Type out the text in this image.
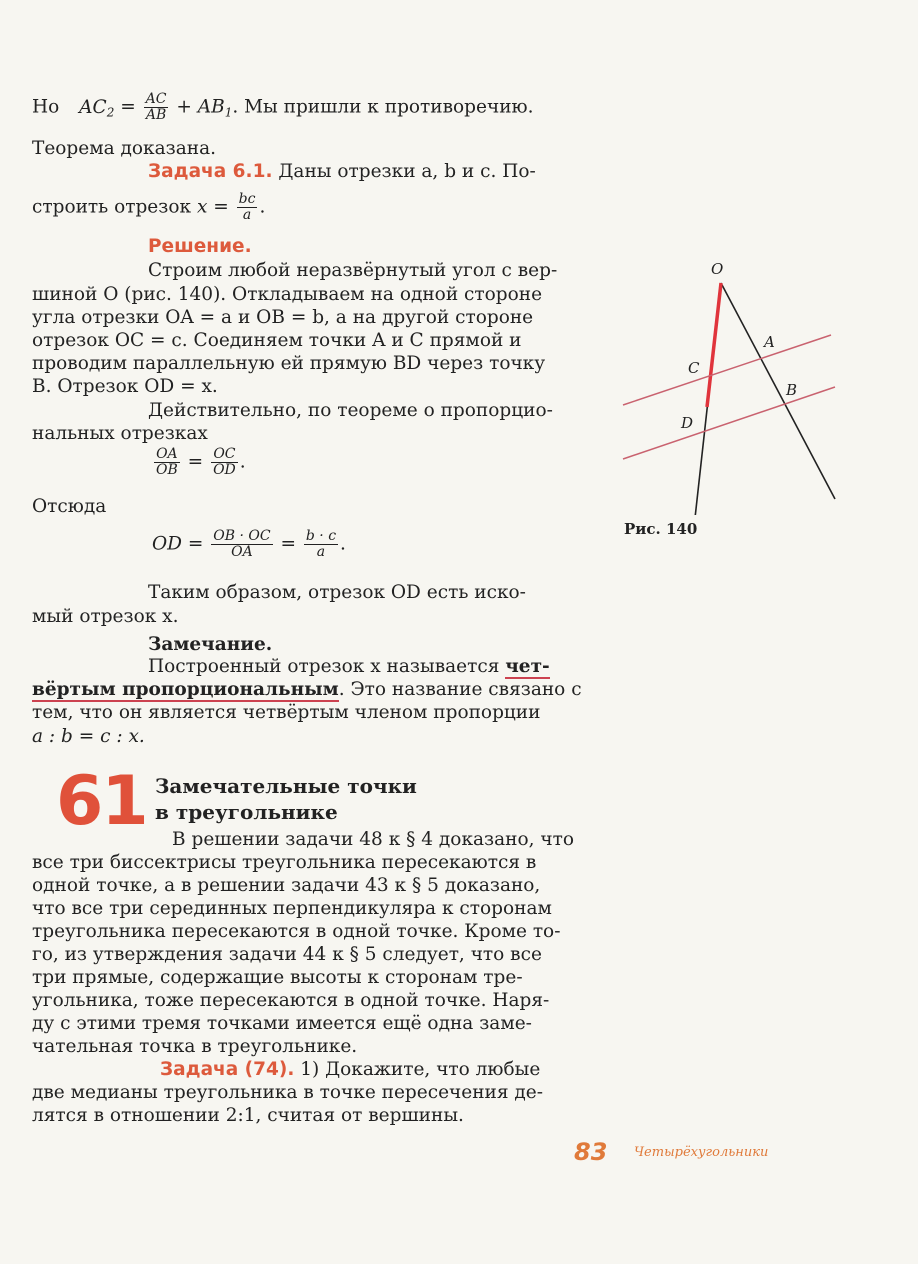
Но $AC_2 = \frac{AC}{AB} + AB_1$. Мы пришли к противоречию.
Теорема доказана.
Задача 6.1. Даны отрезки a, b и c. По-
строить отрезок $x = \frac{bc}{a}$ .
Решение.
Строим любой неразвёрнутый угол с вер-
шиной O (рис. 140). Откладываем на одной стороне
угла отрезки OA = a и OB = b, а на другой стороне
отрезок OC = c. Соединяем точки A и C прямой и
проводим параллельную ей прямую BD через точку
B. Отрезок OD = x.
Действительно, по теореме о пропорцио-
нальных отрезках
$\frac{OA}{OB} = \frac{OC}{OD}$ .
Отсюда
OD = $\frac{OB \cdot OC}{OA} = \frac{b \cdot c}{a}$ .
Таким образом, отрезок OD есть иско-
мый отрезок x.
Замечание.
Построенный отрезок x называется чет-
вёртым пропорциональным. Это название связано с
тем, что он является четвёртым членом пропорции
a : b = c : x.
61 Замечательные точки
в треугольнике
В решении задачи 48 к § 4 доказано, что
все три биссектрисы треугольника пересекаются в
одной точке, а в решении задачи 43 к § 5 доказано,
что все три серединных перпендикуляра к сторонам
треугольника пересекаются в одной точке. Кроме то-
го, из утверждения задачи 44 к § 5 следует, что все
три прямые, содержащие высоты к сторонам тре-
угольника, тоже пересекаются в одной точке. Наря-
ду с этими тремя точками имеется ещё одна заме-
чательная точка в треугольнике.
Задача (74). 1) Докажите, что любые
две медианы треугольника в точке пересечения де-
лятся в отношении 2:1, считая от вершины.
O
A
B
C
D
Рис. 140
83 Четырёхугольники
